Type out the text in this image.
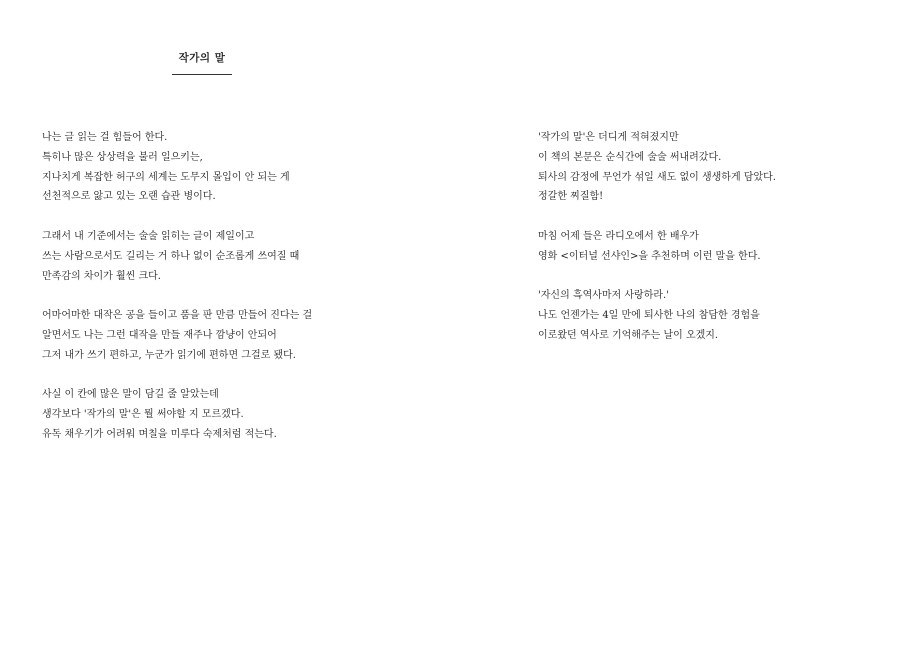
작가의 말
나는 글 읽는 걸 힘들어 한다.
특히나 많은 상상력을 불러 일으키는,
지나치게 복잡한 허구의 세계는 도무지 몰입이 안 되는 게
선천적으로 앓고 있는 오랜 습관 병이다.
그래서 내 기준에서는 술술 읽히는 글이 제일이고
쓰는 사람으로서도 길리는 거 하나 없이 순조롭게 쓰여질 때
만족감의 차이가 훨씬 크다.
어마어마한 대작은 공을 들이고 품을 판 만큼 만들어 진다는 걸
알면서도 나는 그런 대작을 만들 재주나 깜냥이 안되어
그저 내가 쓰기 편하고, 누군가 읽기에 편하면 그걸로 됐다.
사실 이 칸에 많은 말이 담길 줄 알았는데
생각보다 '작가의 말'은 뭘 써야할 지 모르겠다.
유독 채우기가 어려워 며칠을 미루다 숙제처럼 적는다.
'작가의 말'은 더디게 적혀졌지만
이 책의 본문은 순식간에 술술 써내려갔다.
퇴사의 감정에 무언가 섞일 새도 없이 생생하게 담았다.
정갈한 찌질함!
마침 어제 들은 라디오에서 한 배우가
영화 <이터널 선샤인>을 추천하며 이런 말을 한다.
'자신의 흑역사마저 사랑하라.'
나도 언젠가는 4일 만에 퇴사한 나의 참담한 경험을
이로왔던 역사로 기억해주는 날이 오겠지.
